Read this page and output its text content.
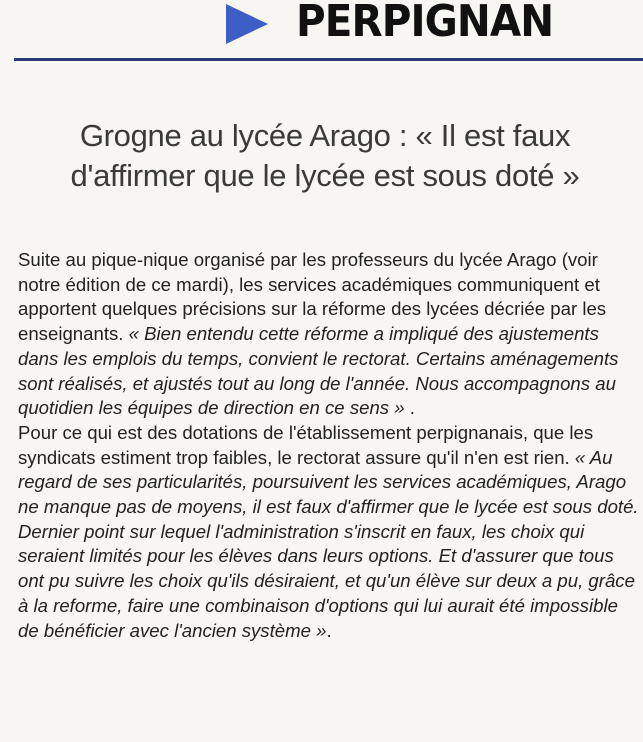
PERPIGNAN
Grogne au lycée Arago : « Il est faux
d'affirmer que le lycée est sous doté »

Suite au pique-nique organisé par les professeurs du lycée Arago (voir notre édition de ce mardi), les services académiques communiquent et apportent quelques précisions sur la réforme des lycées décriée par les enseignants. « Bien entendu cette réforme a impliqué des ajustements dans les emplois du temps, convient le rectorat. Certains aménagements sont réalisés, et ajustés tout au long de l'année. Nous accompagnons au quotidien les équipes de direction en ce sens » .

Pour ce qui est des dotations de l'établissement perpignanais, que les syndicats estiment trop faibles, le rectorat assure qu'il n'en est rien. « Au regard de ses particularités, poursuivent les services académiques, Arago ne manque pas de moyens, il est faux d'affirmer que le lycée est sous doté. Dernier point sur lequel l'administration s'inscrit en faux, les choix qui seraient limités pour les élèves dans leurs options. Et d'assurer que tous ont pu suivre les choix qu'ils désiraient, et qu'un élève sur deux a pu, grâce à la reforme, faire une combinaison d'options qui lui aurait été impossible de bénéficier avec l'ancien système ».
